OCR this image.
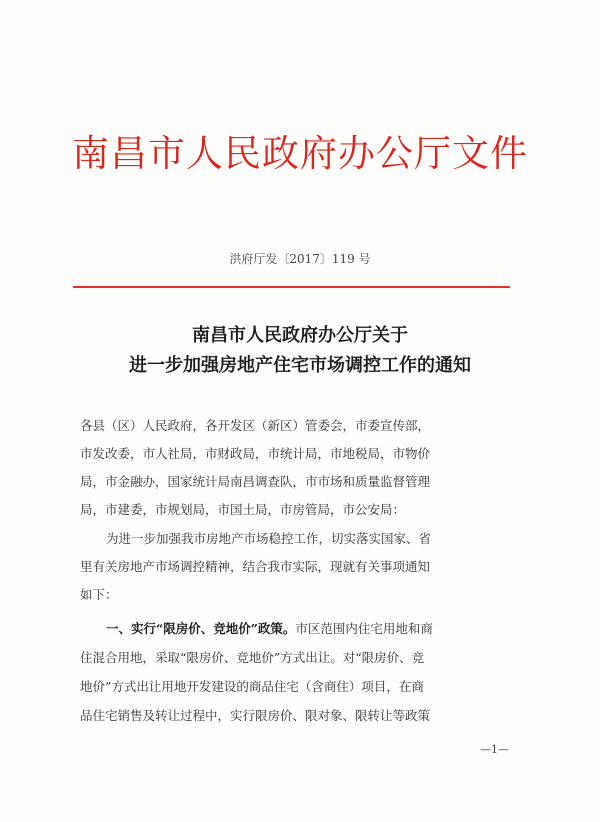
南昌市人民政府办公厅文件
洪府厅发〔2017〕119 号
南昌市人民政府办公厅关于
进一步加强房地产住宅市场调控工作的通知
各县（区）人民政府，各开发区（新区）管委会，市委宣传部，
市发改委，市人社局，市财政局，市统计局，市地税局，市物价
局，市金融办，国家统计局南昌调查队，市市场和质量监督管理
局，市建委，市规划局，市国土局，市房管局，市公安局：
为进一步加强我市房地产市场稳控工作，切实落实国家、省
里有关房地产市场调控精神，结合我市实际，现就有关事项通知
如下：
一、实行“限房价、竞地价”政策。市区范围内住宅用地和商
住混合用地，采取“限房价、竞地价”方式出让。对“限房价、竞
地价”方式出让用地开发建设的商品住宅（含商住）项目，在商
品住宅销售及转让过程中，实行限房价、限对象、限转让等政策
—1—
